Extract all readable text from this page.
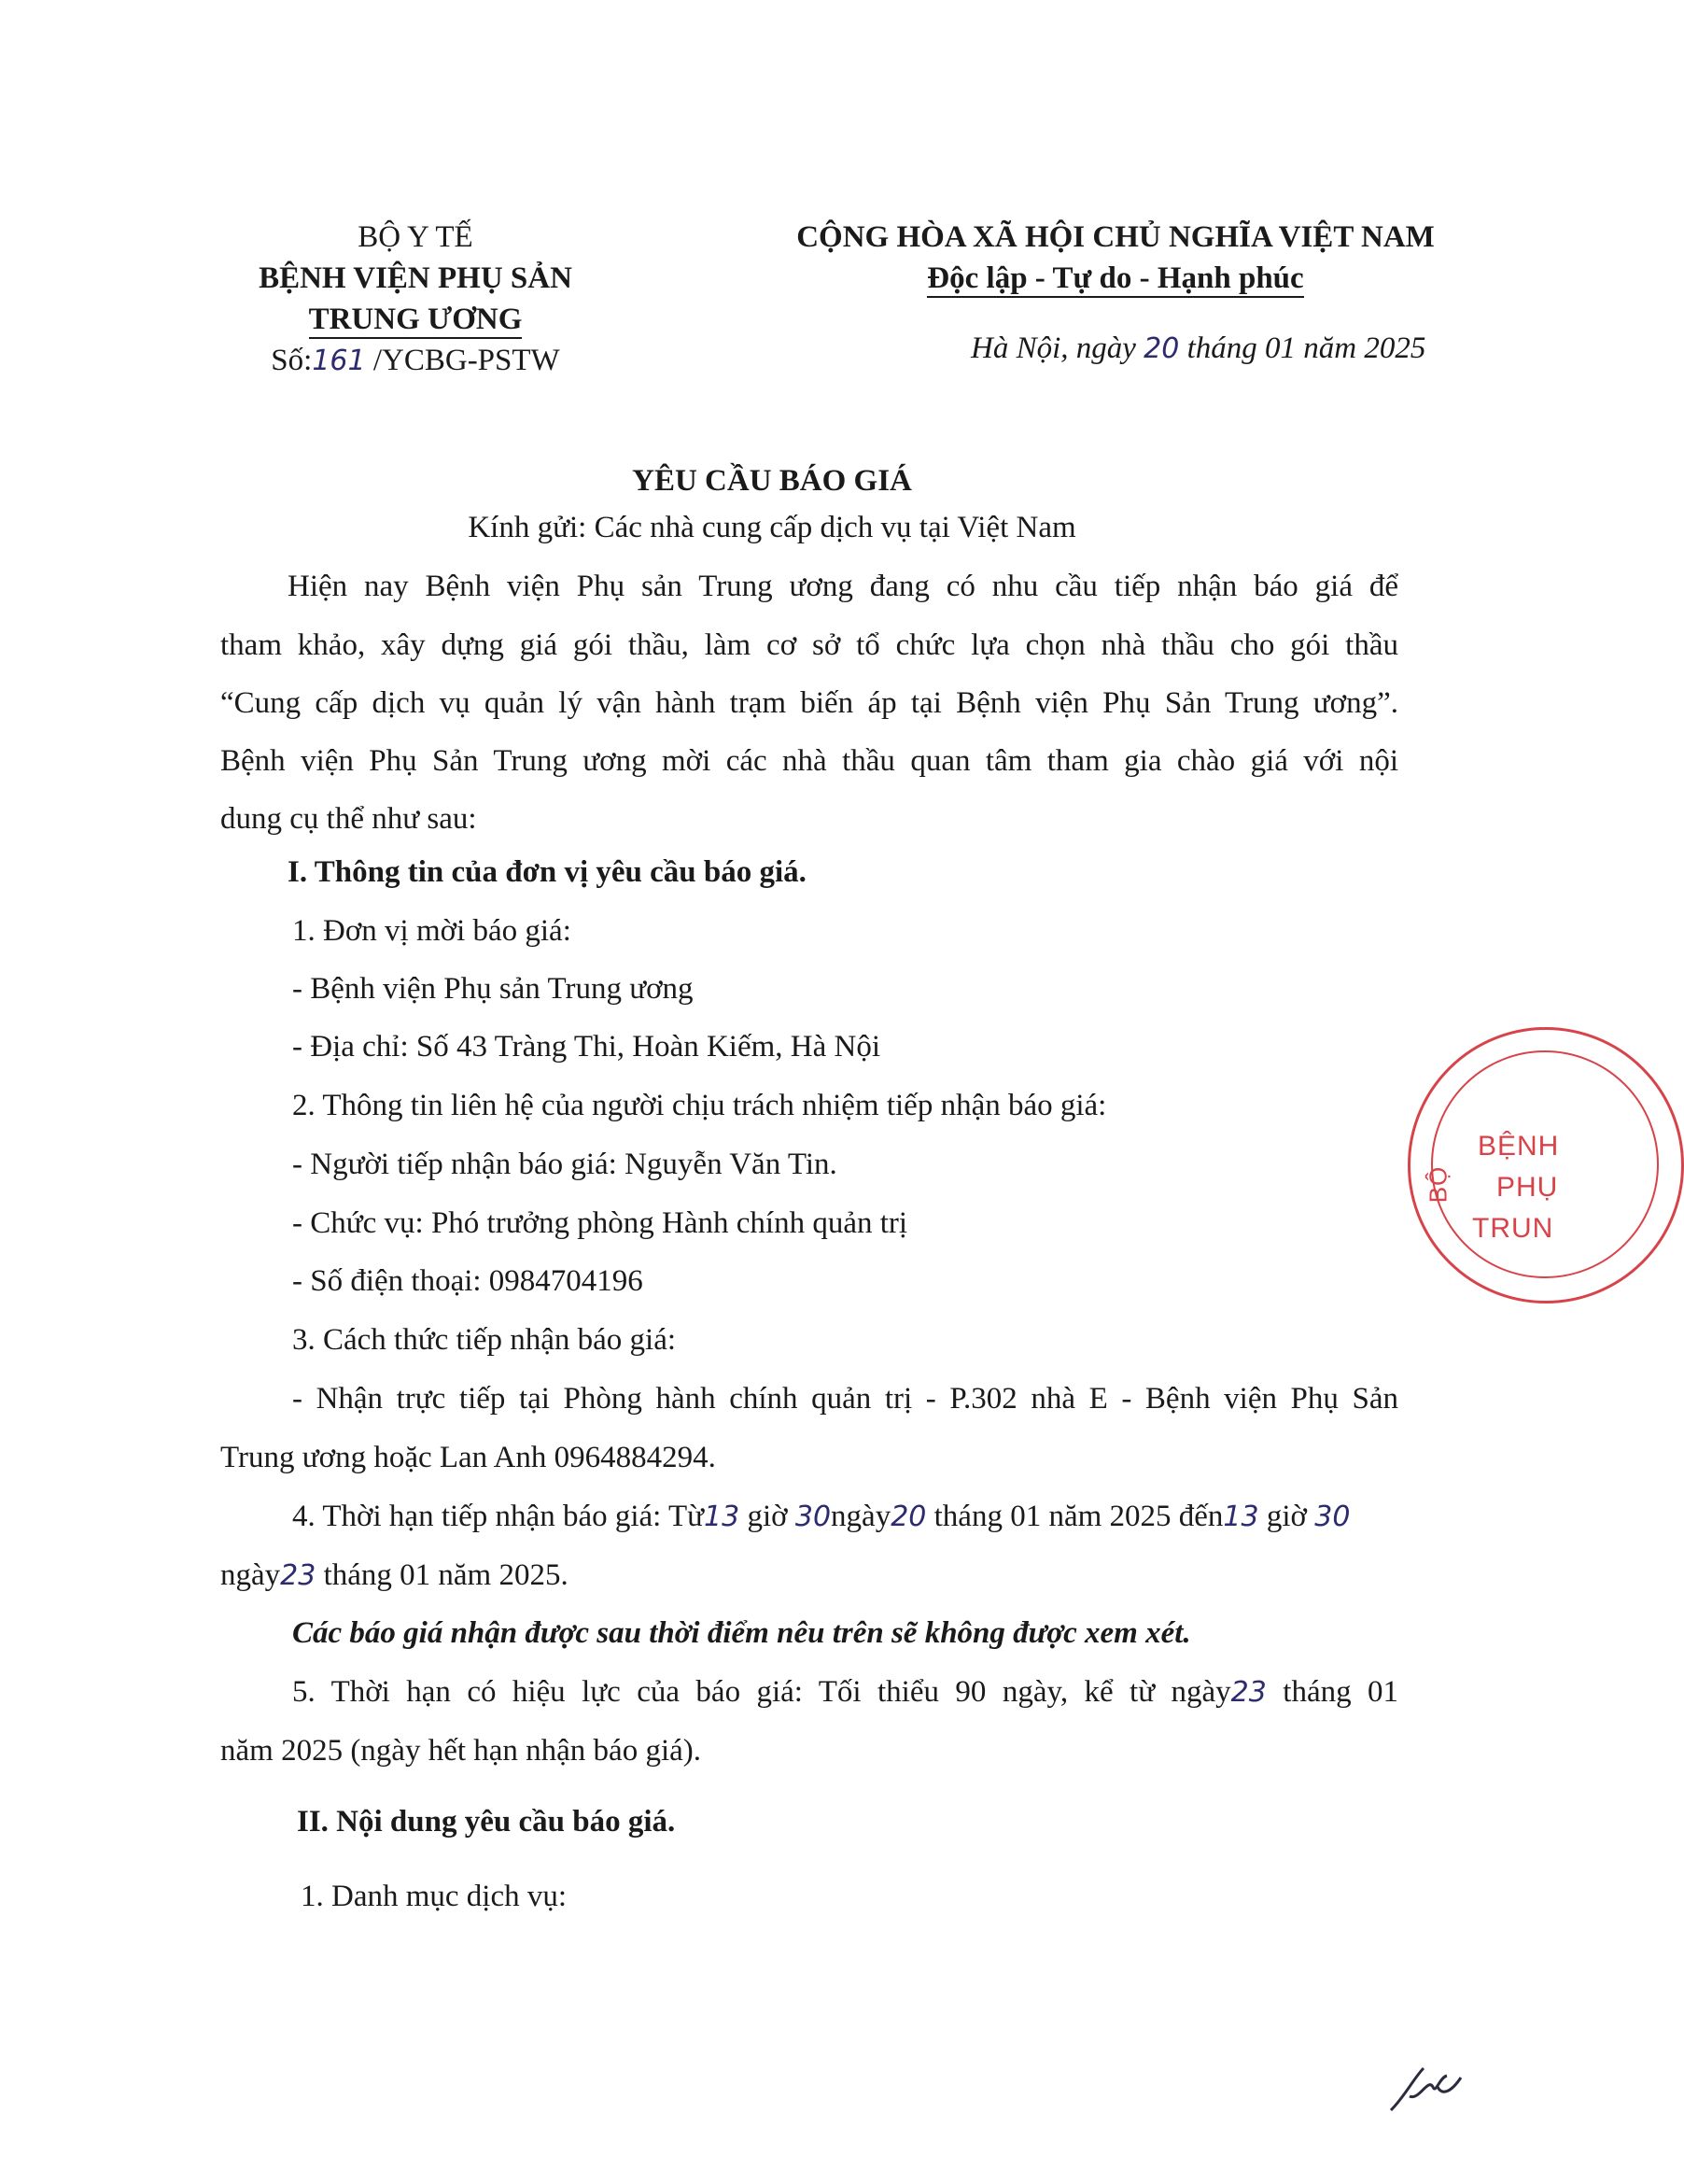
BỘ Y TẾ
BỆNH VIỆN PHỤ SẢN
TRUNG ƯƠNG
Số:161 /YCBG-PSTW
CỘNG HÒA XÃ HỘI CHỦ NGHĨA VIỆT NAM
Độc lập - Tự do - Hạnh phúc
Hà Nội, ngày 20 tháng 01 năm 2025
YÊU CẦU BÁO GIÁ
Kính gửi: Các nhà cung cấp dịch vụ tại Việt Nam
Hiện nay Bệnh viện Phụ sản Trung ương đang có nhu cầu tiếp nhận báo giá để
tham khảo, xây dựng giá gói thầu, làm cơ sở tổ chức lựa chọn nhà thầu cho gói thầu
“Cung cấp dịch vụ quản lý vận hành trạm biến áp tại Bệnh viện Phụ Sản Trung ương”.
Bệnh viện Phụ Sản Trung ương mời các nhà thầu quan tâm tham gia chào giá với nội
dung cụ thể như sau:
I. Thông tin của đơn vị yêu cầu báo giá.
1. Đơn vị mời báo giá:
- Bệnh viện Phụ sản Trung ương
- Địa chỉ: Số 43 Tràng Thi, Hoàn Kiếm, Hà Nội
2. Thông tin liên hệ của người chịu trách nhiệm tiếp nhận báo giá:
- Người tiếp nhận báo giá: Nguyễn Văn Tin.
- Chức vụ: Phó trưởng phòng Hành chính quản trị
- Số điện thoại: 0984704196
3. Cách thức tiếp nhận báo giá:
- Nhận trực tiếp tại Phòng hành chính quản trị - P.302 nhà E - Bệnh viện Phụ Sản
Trung ương hoặc Lan Anh 0964884294.
4. Thời hạn tiếp nhận báo giá: Từ13 giờ 30ngày20 tháng 01 năm 2025 đến13 giờ 30
ngày23 tháng 01 năm 2025.
Các báo giá nhận được sau thời điểm nêu trên sẽ không được xem xét.
5. Thời hạn có hiệu lực của báo giá: Tối thiểu 90 ngày, kể từ ngày23 tháng 01
năm 2025 (ngày hết hạn nhận báo giá).
II. Nội dung yêu cầu báo giá.
1. Danh mục dịch vụ:
BỆNH
PHỤ
TRUN
BỘ
